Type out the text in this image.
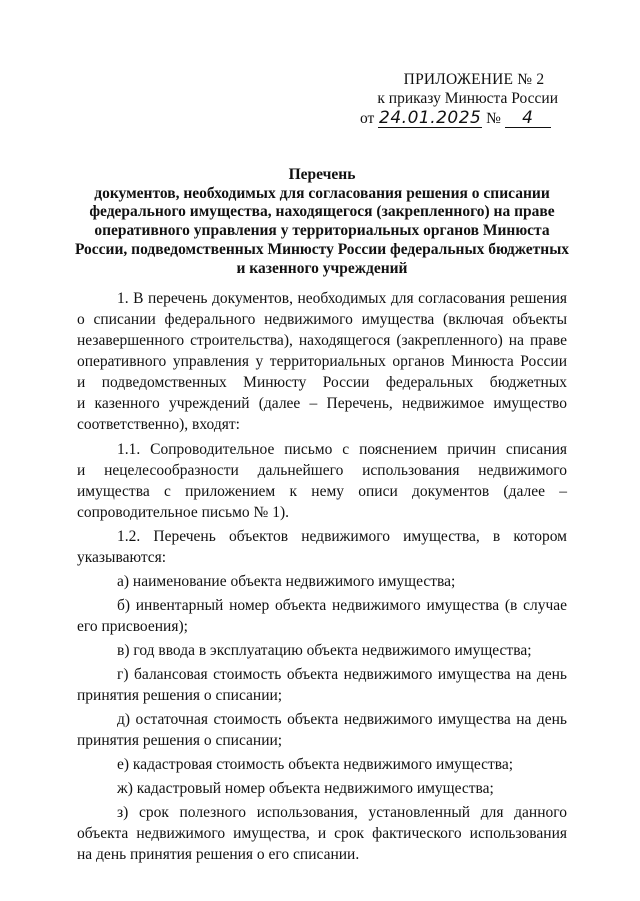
ПРИЛОЖЕНИЕ № 2
к приказу Минюста России
от 24.01.2025 № 4
Перечень
документов, необходимых для согласования решения о списании
федерального имущества, находящегося (закрепленного) на праве
оперативного управления у территориальных органов Минюста
России, подведомственных Минюсту России федеральных бюджетных
и казенного учреждений
1. В перечень документов, необходимых для согласования решения
о списании федерального недвижимого имущества (включая объекты
незавершенного строительства), находящегося (закрепленного) на праве
оперативного управления у территориальных органов Минюста России
и подведомственных Минюсту России федеральных бюджетных
и казенного учреждений (далее – Перечень, недвижимое имущество
соответственно), входят:
1.1. Сопроводительное письмо с пояснением причин списания
и нецелесообразности дальнейшего использования недвижимого
имущества с приложением к нему описи документов (далее –
сопроводительное письмо № 1).
1.2. Перечень объектов недвижимого имущества, в котором
указываются:
а) наименование объекта недвижимого имущества;
б) инвентарный номер объекта недвижимого имущества (в случае
его присвоения);
в) год ввода в эксплуатацию объекта недвижимого имущества;
г) балансовая стоимость объекта недвижимого имущества на день
принятия решения о списании;
д) остаточная стоимость объекта недвижимого имущества на день
принятия решения о списании;
е) кадастровая стоимость объекта недвижимого имущества;
ж) кадастровый номер объекта недвижимого имущества;
з) срок полезного использования, установленный для данного
объекта недвижимого имущества, и срок фактического использования
на день принятия решения о его списании.
